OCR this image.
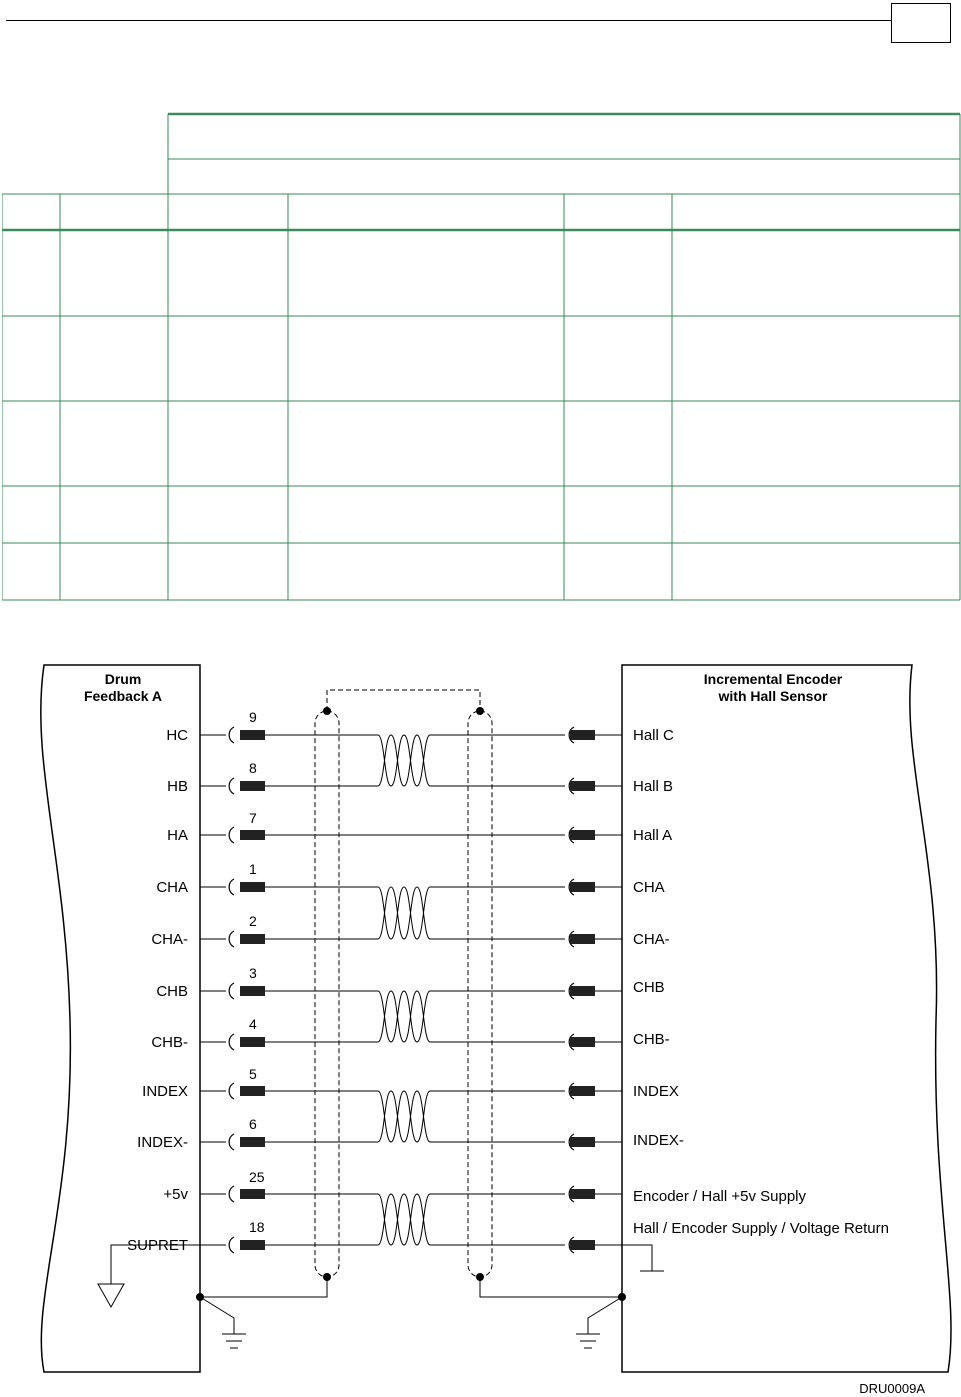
Drum
Feedback A
Incremental Encoder
with Hall Sensor
HC
9
Hall C
HB
8
Hall B
HA
7
Hall A
CHA
1
CHA
CHA-
2
CHA-
CHB
3
CHB
CHB-
4
CHB-
INDEX
5
INDEX
INDEX-
6
INDEX-
+5v
25
Encoder / Hall +5v Supply
SUPRET
18	Hall / Encoder Supply / Voltage Return
DRU0009A
